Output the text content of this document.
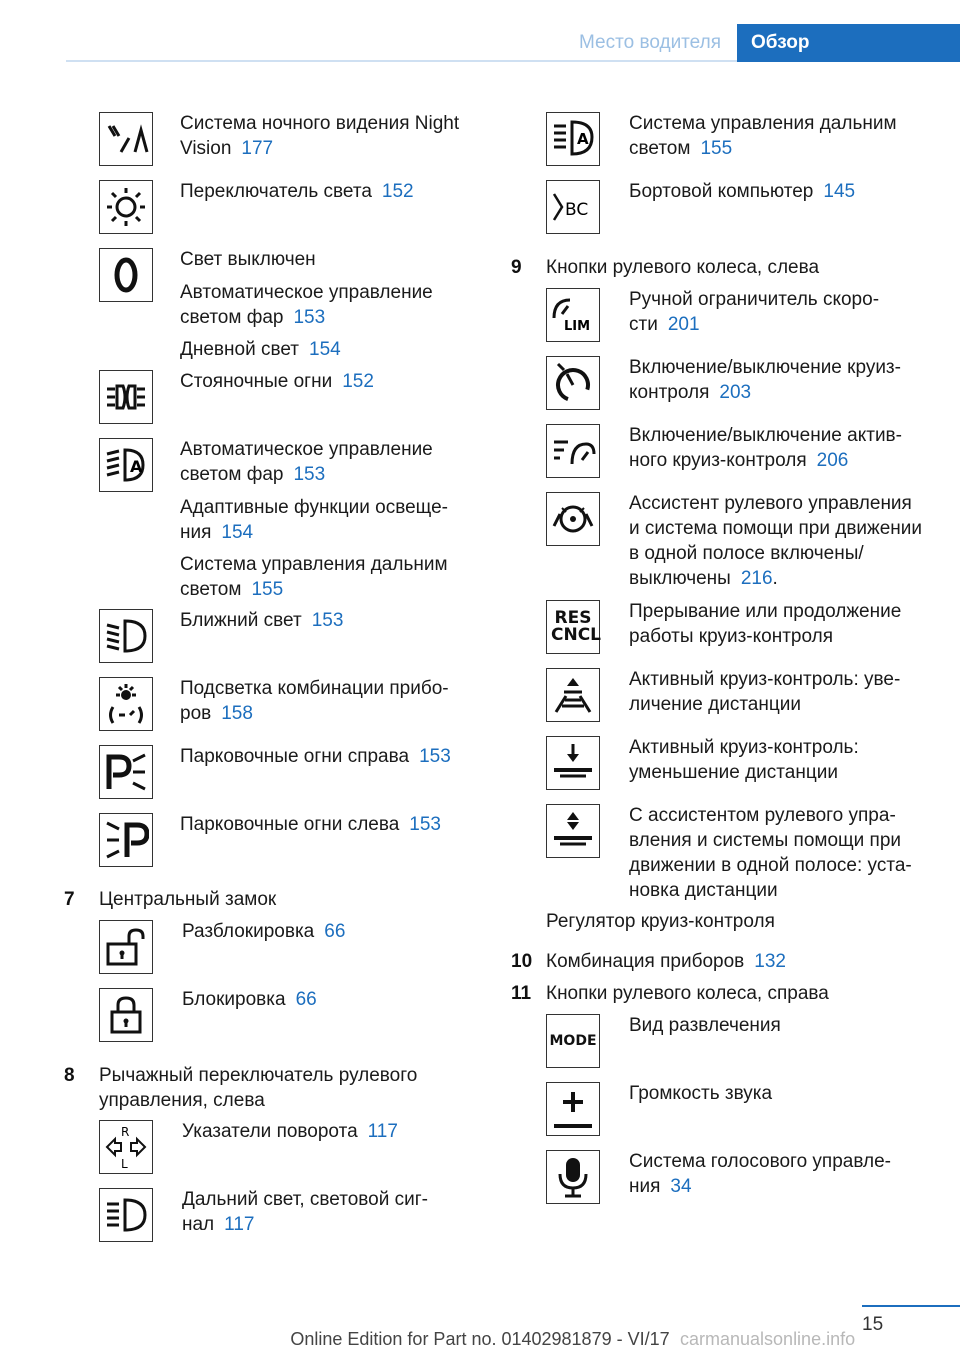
Место водителя	Обзор
Система ночного видения Night
Vision 177
Переключатель света 152
Свет выключен
Автоматическое управление
светом фар 153
Дневной свет 154
Стояночные огни 152
A
Автоматическое управление
светом фар 153
Адаптивные функции освеще-
ния 154
Система управления дальним
светом 155
Ближний свет 153
Подсветка комбинации прибо-
ров 158
Парковочные огни справа 153
Парковочные огни слева 153
7 Центральный замок
Разблокировка 66
Блокировка 66
8 Рычажный переключатель рулевого
управления, слева
R
L
Указатели поворота 117
Дальний свет, световой сиг-
нал 117
A
Система управления дальним
светом 155
BC
Бортовой компьютер 145
9 Кнопки рулевого колеса, слева
LIM
Ручной ограничитель скоро-
сти 201
Включение/выключение круиз-
контроля 203
Включение/выключение актив-
ного круиз-контроля 206
Ассистент рулевого управления
и система помощи при движении
в одной полосе включены/
выключены 216.
RES CNCL
Прерывание или продолжение
работы круиз-контроля
Активный круиз-контроль: уве-
личение дистанции
Активный круиз-контроль:
уменьшение дистанции
С ассистентом рулевого упра-
вления и системы помощи при
движении в одной полосе: уста-
новка дистанции
Регулятор круиз-контроля
10 Комбинация приборов 132
11 Кнопки рулевого колеса, справа
MODE
Вид развлечения
Громкость звука
Система голосового управле-
ния 34
15
Online Edition for Part no. 01402981879 - VI/17 carmanualsonline.info
